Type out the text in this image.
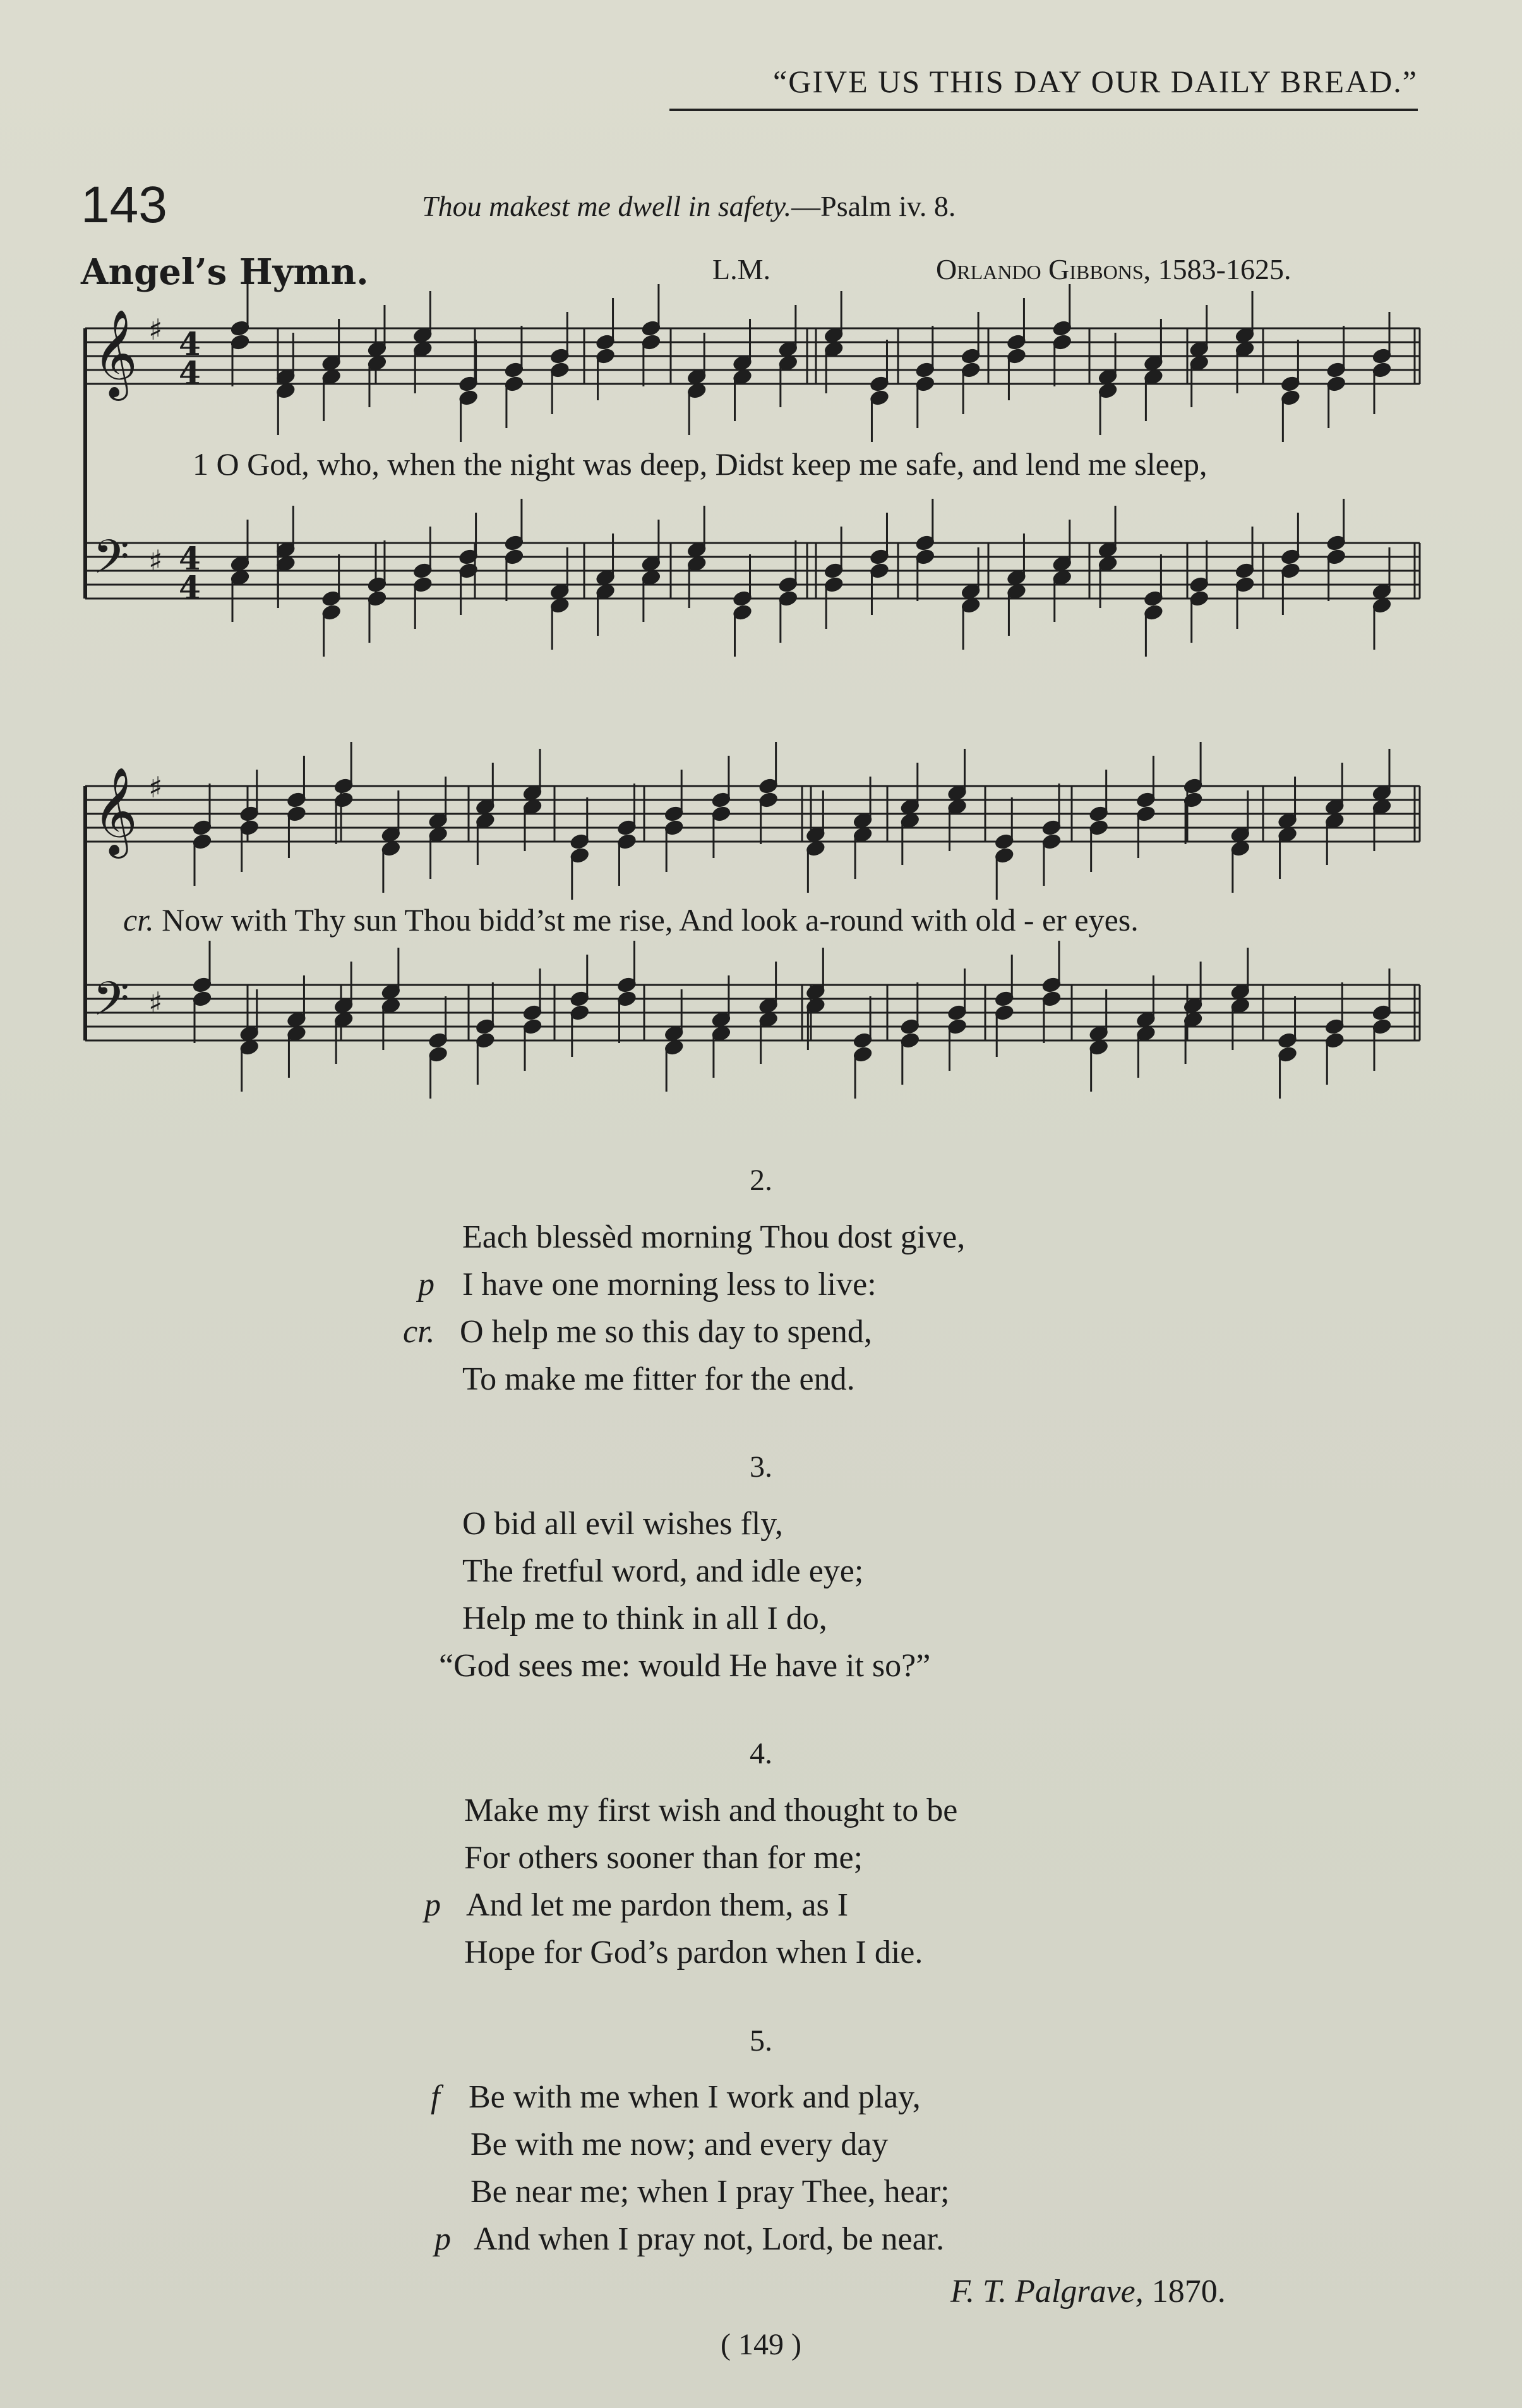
“GIVE US THIS DAY OUR DAILY BREAD.”
143	Thou makest me dwell in safety.—Psalm iv. 8.
Angel’s Hymn.	L.M.	Orlando Gibbons, 1583-1625.
𝄞 ♯ 4
4
𝄢 ♯ 4
4
𝄞 ♯
𝄢 ♯
1 O God, who, when the night was deep, Didst keep me safe, and lend me sleep,
cr. Now with Thy sun Thou bidd’st me rise, And look a-round with old - er eyes.
2.
p
cr.
Each blessèd morning Thou dost give,
I have one morning less to live:
O help me so this day to spend,
To make me fitter for the end.
3.
O bid all evil wishes fly,
The fretful word, and idle eye;
Help me to think in all I do,
“God sees me: would He have it so?”
4.
p
Make my first wish and thought to be
For others sooner than for me;
And let me pardon them, as I
Hope for God’s pardon when I die.
5.
f
p
Be with me when I work and play,
Be with me now; and every day
Be near me; when I pray Thee, hear;
And when I pray not, Lord, be near.
F. T. Palgrave, 1870.
( 149 )
